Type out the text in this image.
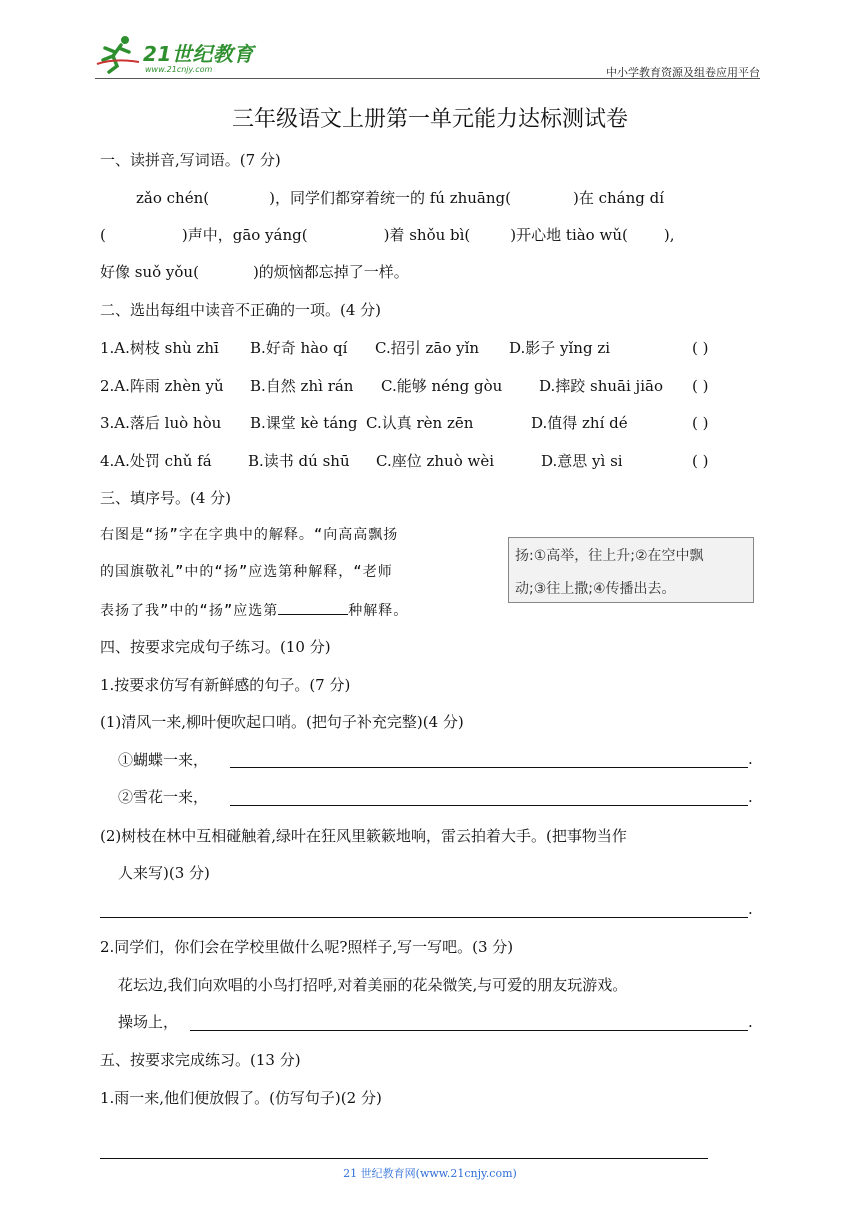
21世纪教育
www.21cnjy.com	中小学教育资源及组卷应用平台
三年级语文上册第一单元能力达标测试卷
一、读拼音,写词语。(7 分)
zǎo chén(	)，同学们都穿着统一的 fú zhuāng(	)在 cháng dí
(	)声中，gāo yáng(	)着 shǒu bì(	)开心地 tiào wǔ( ),
好像 suǒ yǒu(	)的烦恼都忘掉了一样。
二、选出每组中读音不正确的一项。(4 分)
1.A.树枝 shù zhī B.好奇 hào qí C.招引 zāo yǐn D.影子 yǐng zi	( )
2.A.阵雨 zhèn yǔ B.自然 zhì rán C.能够 néng gòu D.摔跤 shuāi jiāo ( )
3.A.落后 luò hòu B.课堂 kè táng C.认真 rèn zēn	D.值得 zhí dé	( )
4.A.处罚 chǔ fá B.读书 dú shū C.座位 zhuò wèi	D.意思 yì si	( )
三、填序号。(4 分)
右图是“扬”字在字典中的解释。“向高高飘扬
的国旗敬礼”中的“扬”应选第种解释，“老师
表扬了我”中的“扬”应选第	种解释。
扬:①高举，往上升;②在空中飘
动;③往上撒;④传播出去。
四、按要求完成句子练习。(10 分)
1.按要求仿写有新鲜感的句子。(7 分)
(1)清风一来,柳叶便吹起口哨。(把句子补充完整)(4 分)
①蝴蝶一来，	.
②雪花一来，	.
(2)树枝在林中互相碰触着,绿叶在狂风里簌簌地响，雷云拍着大手。(把事物当作
人来写)(3 分)
.
2.同学们，你们会在学校里做什么呢?照样子,写一写吧。(3 分)
花坛边,我们向欢唱的小鸟打招呼,对着美丽的花朵微笑,与可爱的朋友玩游戏。
操场上，	.
五、按要求完成练习。(13 分)
1.雨一来,他们便放假了。(仿写句子)(2 分)
21 世纪教育网(www.21cnjy.com)
